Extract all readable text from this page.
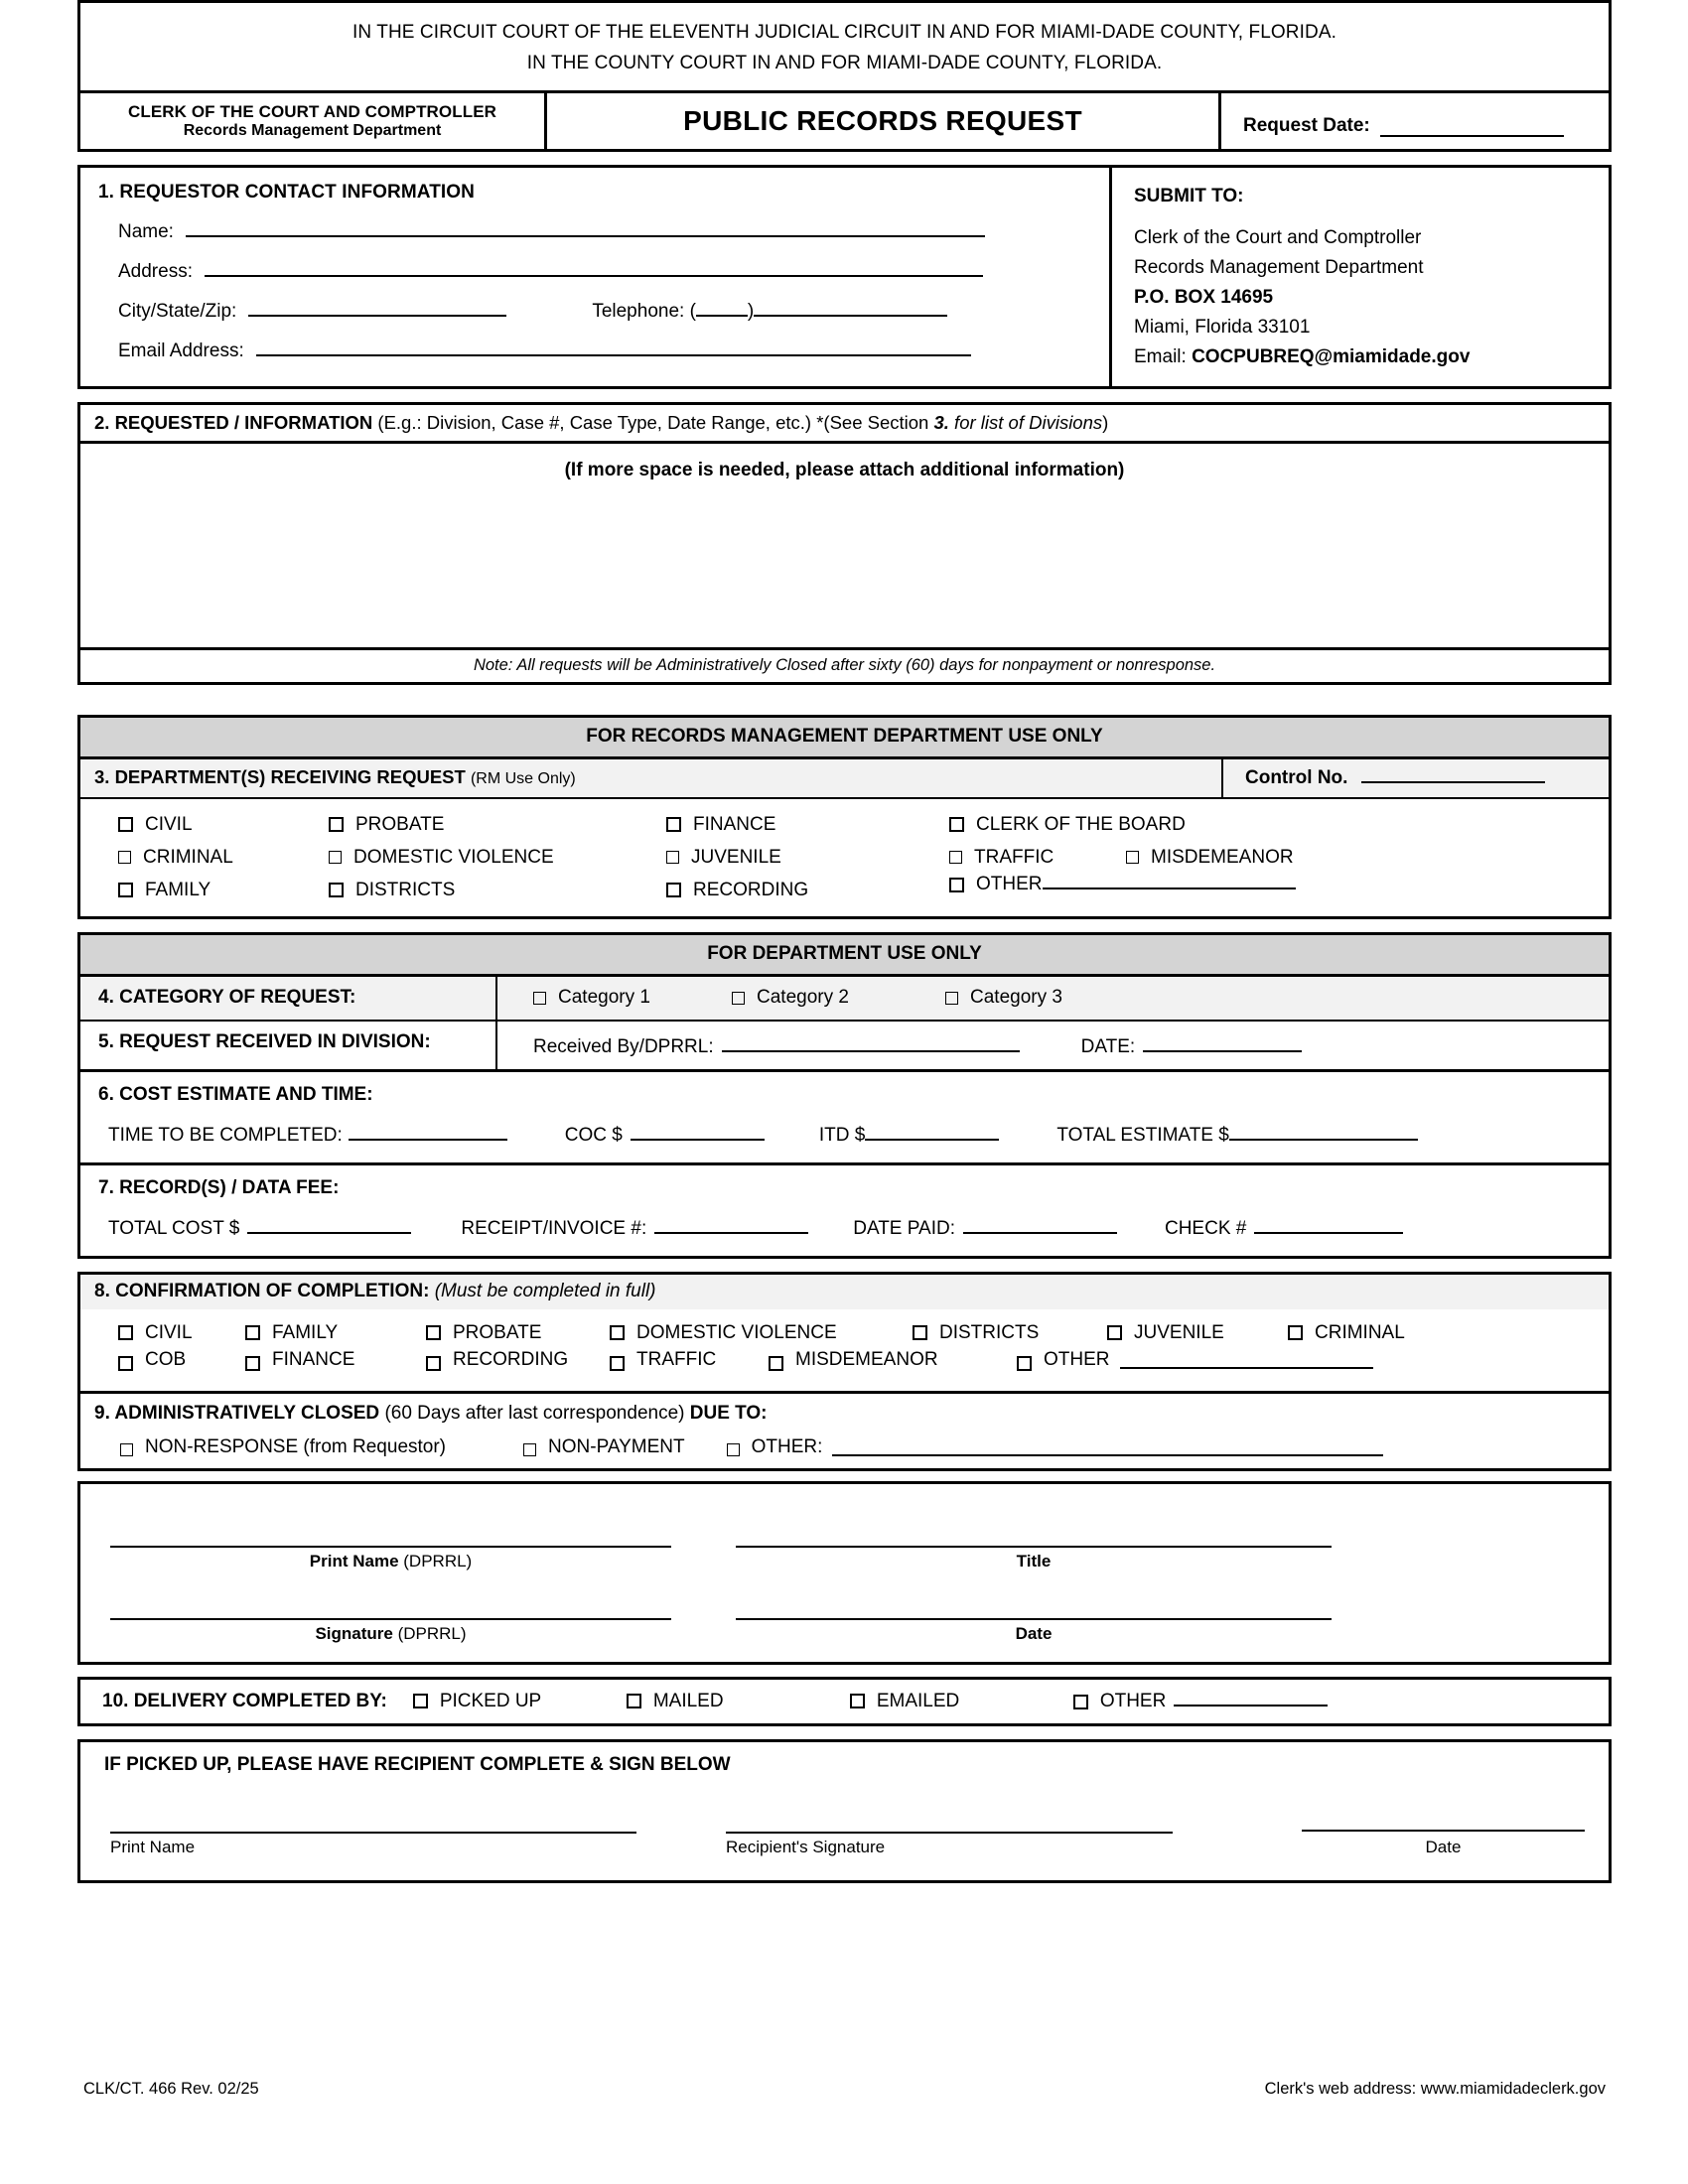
IN THE CIRCUIT COURT OF THE ELEVENTH JUDICIAL CIRCUIT IN AND FOR MIAMI-DADE COUNTY, FLORIDA.
IN THE COUNTY COURT IN AND FOR MIAMI-DADE COUNTY, FLORIDA.
CLERK OF THE COURT AND COMPTROLLER
Records Management Department	PUBLIC RECORDS REQUEST	Request Date:
1. REQUESTOR CONTACT INFORMATION
Name:
Address:
City/State/Zip:	Telephone: (	)
Email Address:
SUBMIT TO:
Clerk of the Court and Comptroller
Records Management Department
P.O. BOX 14695
Miami, Florida 33101
Email: COCPUBREQ@miamidade.gov
2. REQUESTED / INFORMATION (E.g.: Division, Case #, Case Type, Date Range, etc.) *(See Section 3. for list of Divisions)
(If more space is needed, please attach additional information)
Note: All requests will be Administratively Closed after sixty (60) days for nonpayment or nonresponse.
FOR RECORDS MANAGEMENT DEPARTMENT USE ONLY
3. DEPARTMENT(S) RECEIVING REQUEST (RM Use Only)	Control No.
CIVIL	PROBATE	FINANCE	CLERK OF THE BOARD
CRIMINAL	DOMESTIC VIOLENCE	JUVENILE	TRAFFIC	MISDEMEANOR
FAMILY	DISTRICTS	RECORDING	OTHER
FOR DEPARTMENT USE ONLY
4. CATEGORY OF REQUEST:	Category 1	Category 2	Category 3
5. REQUEST RECEIVED IN DIVISION:	Received By/DPRRL:	DATE:
6. COST ESTIMATE AND TIME:
TIME TO BE COMPLETED:	COC $	ITD $	TOTAL ESTIMATE $
7. RECORD(S) / DATA FEE:
TOTAL COST $	RECEIPT/INVOICE #:	DATE PAID:	CHECK #
8. CONFIRMATION OF COMPLETION: (Must be completed in full)
CIVIL	FAMILY	PROBATE	DOMESTIC VIOLENCE	DISTRICTS	JUVENILE	CRIMINAL
COB	FINANCE	RECORDING	TRAFFIC	MISDEMEANOR	OTHER
9. ADMINISTRATIVELY CLOSED (60 Days after last correspondence) DUE TO:
NON-RESPONSE (from Requestor)	NON-PAYMENT	OTHER:
Print Name (DPRRL)	Title
Signature (DPRRL)	Date
10. DELIVERY COMPLETED BY:	PICKED UP	MAILED	EMAILED	OTHER
IF PICKED UP, PLEASE HAVE RECIPIENT COMPLETE & SIGN BELOW
Print Name	Recipient's Signature	Date
CLK/CT. 466 Rev. 02/25	Clerk's web address: www.miamidadeclerk.gov
